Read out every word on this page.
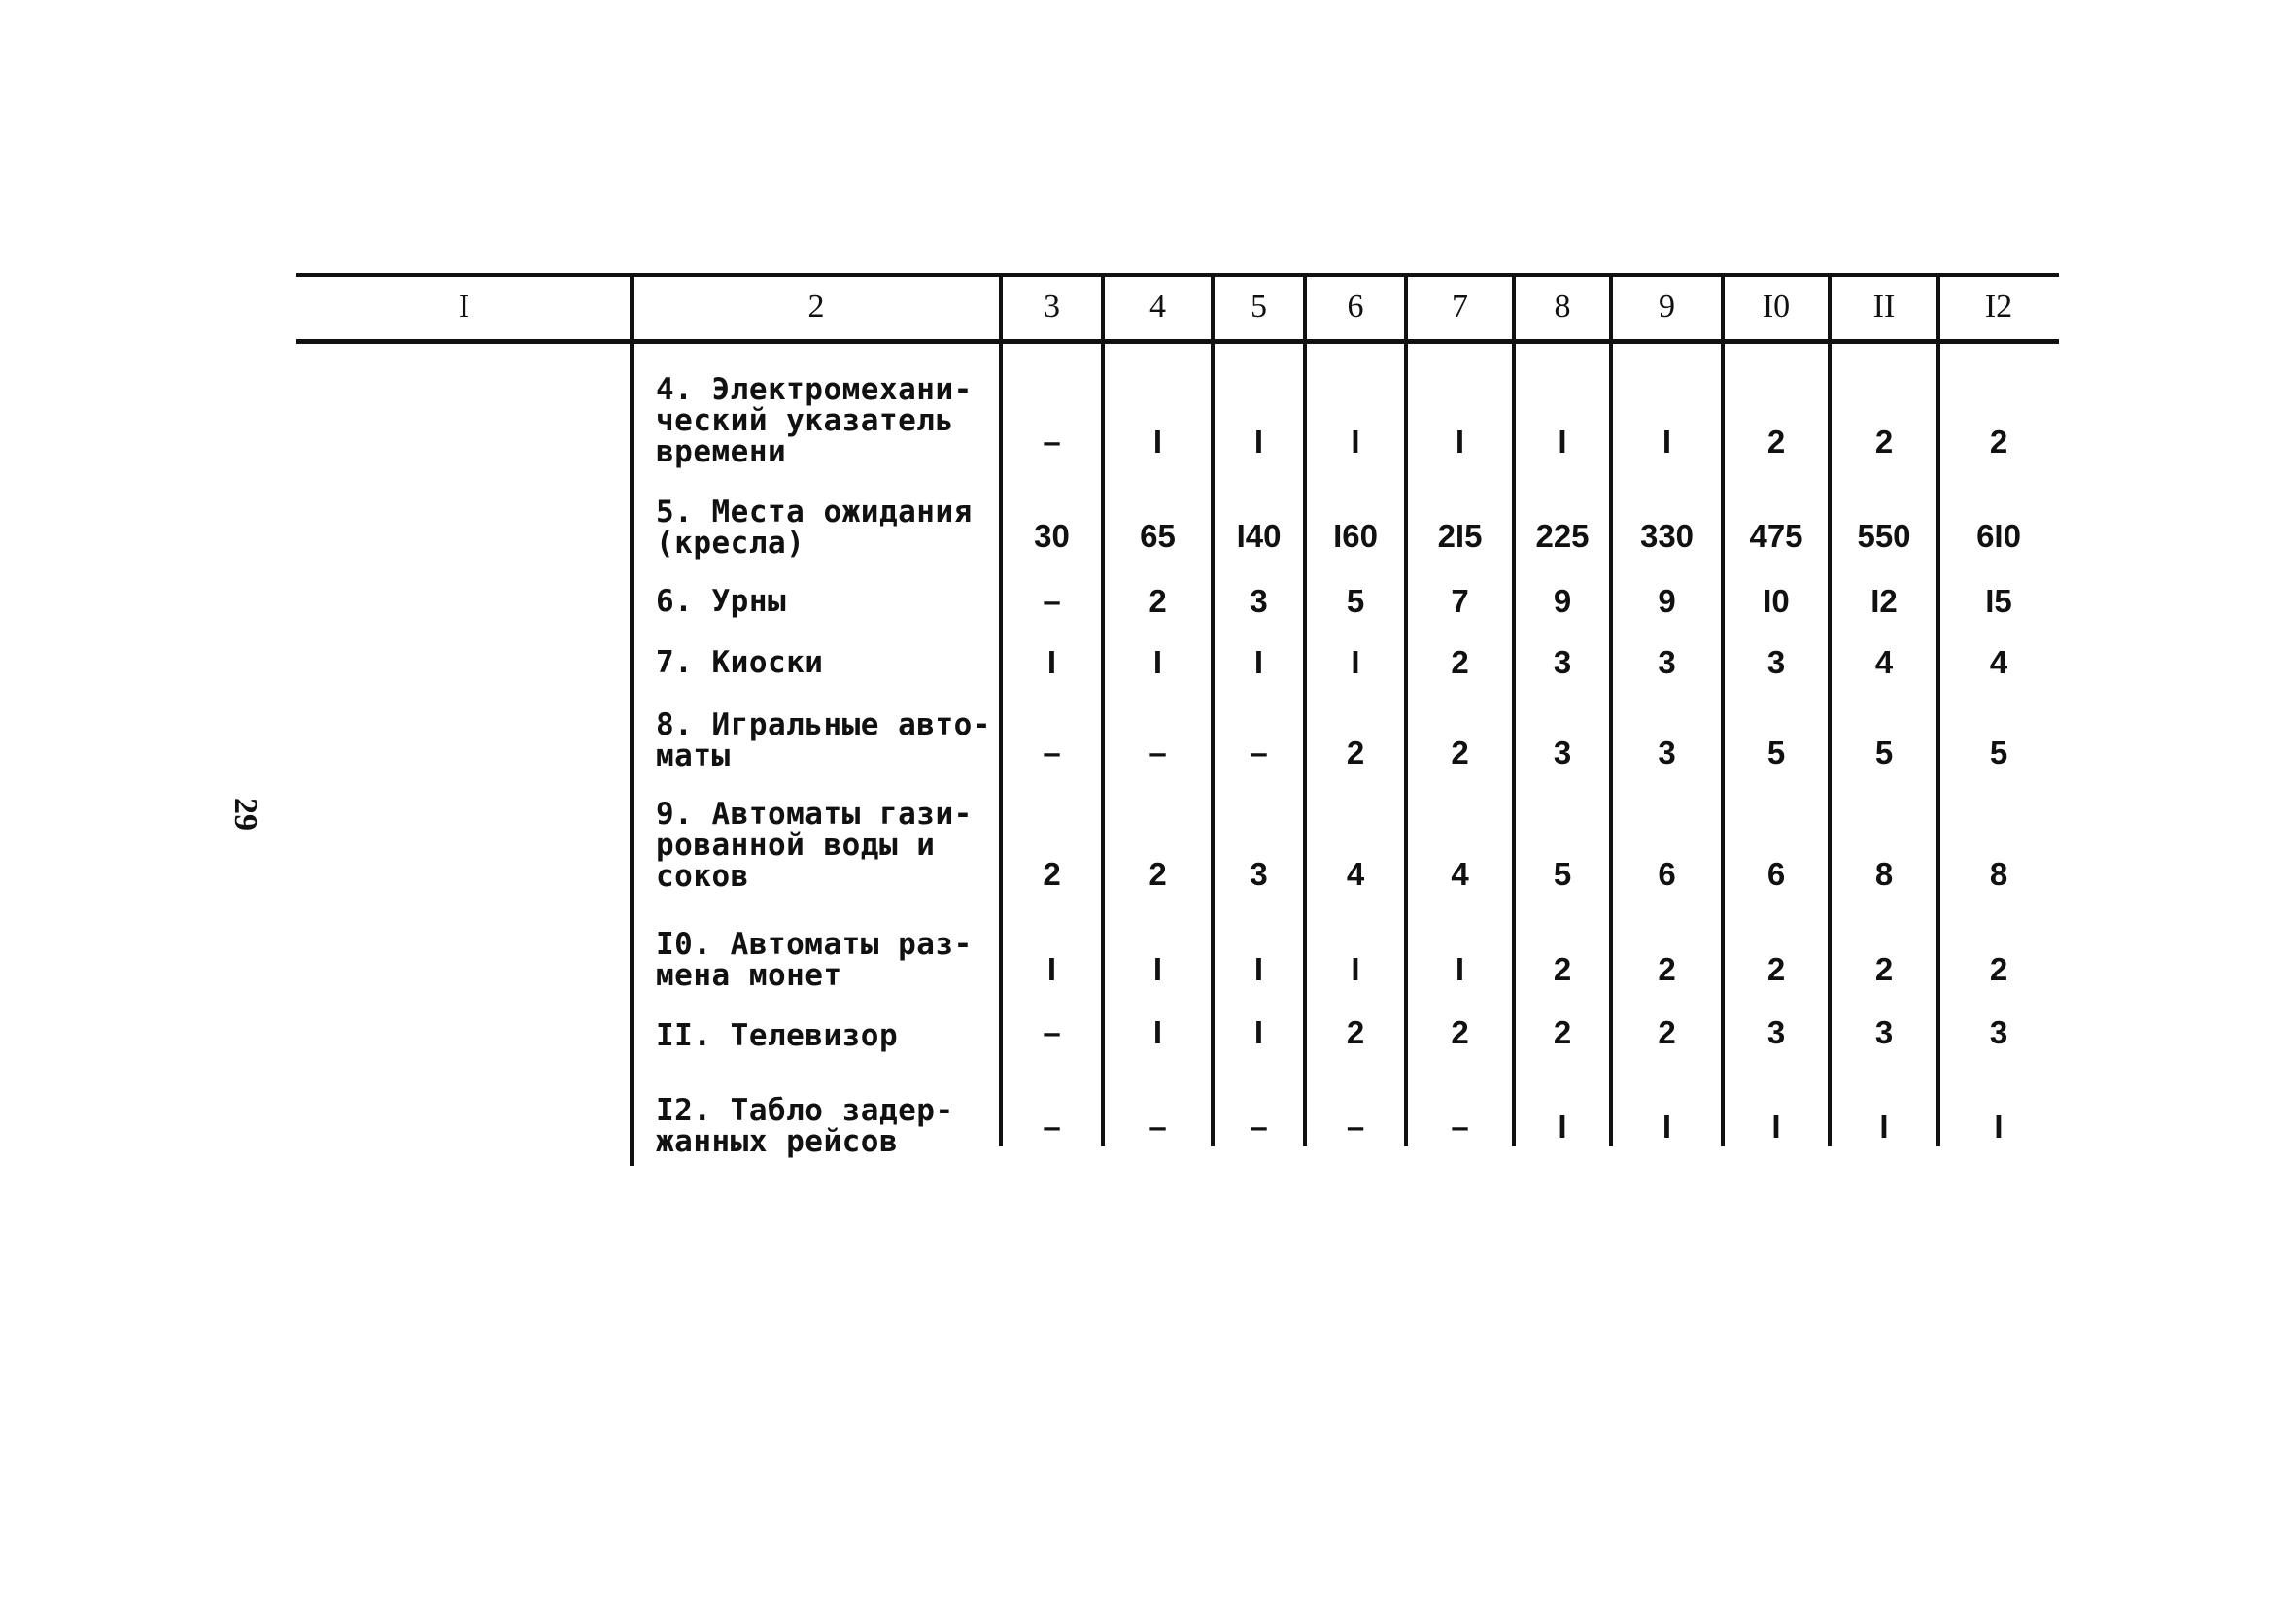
29
I	2	3	4	5	6	7	8	9	I0	II	I2
4. Электромехани-
ческий указатель
времени	–	I	I	I	I	I	I	2	2	2
5. Места ожидания
(кресла)	30	65	I40	I60	2I5	225	330	475	550	6I0
6. Урны	–	2	3	5	7	9	9	I0	I2	I5
7. Киоски	I	I	I	I	2	3	3	3	4	4
8. Игральные авто-
маты	–	–	–	2	2	3	3	5	5	5
9. Автоматы гази-
рованной воды и
соков	2	2	3	4	4	5	6	6	8	8
I0. Автоматы раз-
мена монет	I	I	I	I	I	2	2	2	2	2
II. Телевизор	–	I	I	2	2	2	2	3	3	3
I2. Табло задер-
жанных рейсов	–	–	–	–	–	I	I	I	I	I
